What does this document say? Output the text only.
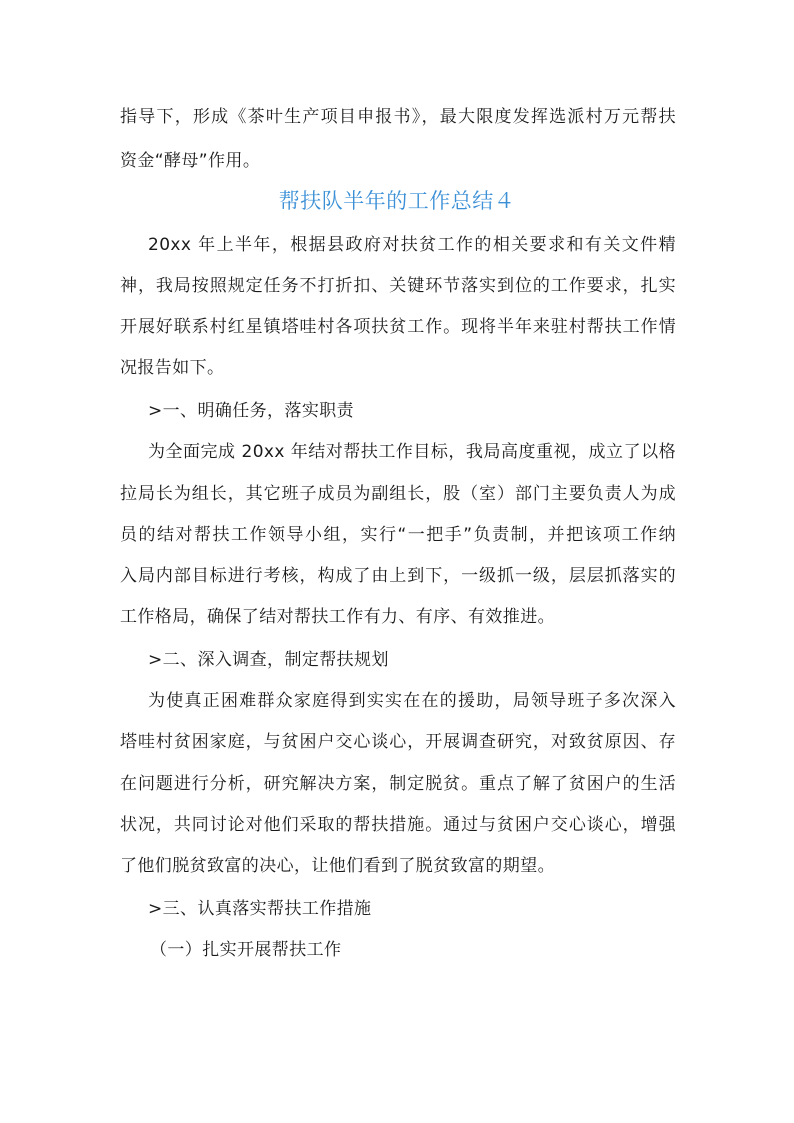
指导下，形成《茶叶生产项目申报书》，最大限度发挥选派村万元帮扶
资金“酵母”作用。
帮扶队半年的工作总结４
20xx 年上半年，根据县政府对扶贫工作的相关要求和有关文件精
神，我局按照规定任务不打折扣、关键环节落实到位的工作要求，扎实
开展好联系村红星镇塔哇村各项扶贫工作。现将半年来驻村帮扶工作情
况报告如下。
>一、明确任务，落实职责
为全面完成 20xx 年结对帮扶工作目标，我局高度重视，成立了以格
拉局长为组长，其它班子成员为副组长，股（室）部门主要负责人为成
员的结对帮扶工作领导小组，实行“一把手”负责制，并把该项工作纳
入局内部目标进行考核，构成了由上到下，一级抓一级，层层抓落实的
工作格局，确保了结对帮扶工作有力、有序、有效推进。
>二、深入调查，制定帮扶规划
为使真正困难群众家庭得到实实在在的援助，局领导班子多次深入
塔哇村贫困家庭，与贫困户交心谈心，开展调查研究，对致贫原因、存
在问题进行分析，研究解决方案，制定脱贫。重点了解了贫困户的生活
状况，共同讨论对他们采取的帮扶措施。通过与贫困户交心谈心，增强
了他们脱贫致富的决心，让他们看到了脱贫致富的期望。
>三、认真落实帮扶工作措施
（一）扎实开展帮扶工作
